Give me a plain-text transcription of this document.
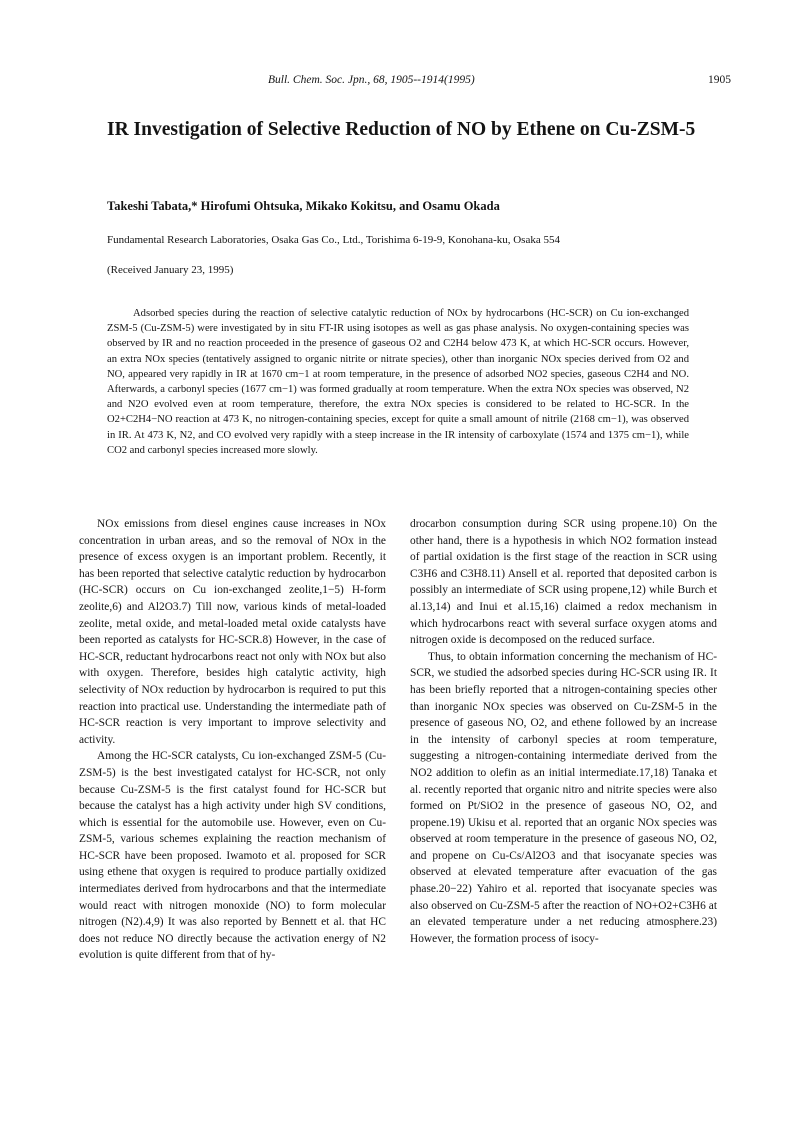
Bull. Chem. Soc. Jpn., 68, 1905--1914(1995)	1905
IR Investigation of Selective Reduction of NO by Ethene on Cu-ZSM-5
Takeshi Tabata,* Hirofumi Ohtsuka, Mikako Kokitsu, and Osamu Okada
Fundamental Research Laboratories, Osaka Gas Co., Ltd., Torishima 6-19-9, Konohana-ku, Osaka 554
(Received January 23, 1995)

Adsorbed species during the reaction of selective catalytic reduction of NOx by hydrocarbons (HC-SCR) on Cu ion-exchanged ZSM-5 (Cu-ZSM-5) were investigated by in situ FT-IR using isotopes as well as gas phase analysis. No oxygen-containing species was observed by IR and no reaction proceeded in the presence of gaseous O2 and C2H4 below 473 K, at which HC-SCR occurs. However, an extra NOx species (tentatively assigned to organic nitrite or nitrate species), other than inorganic NOx species derived from O2 and NO, appeared very rapidly in IR at 1670 cm−1 at room temperature, in the presence of adsorbed NO2 species, gaseous C2H4 and NO. Afterwards, a carbonyl species (1677 cm−1) was formed gradually at room temperature. When the extra NOx species was observed, N2 and N2O evolved even at room temperature, therefore, the extra NOx species is considered to be related to HC-SCR. In the O2+C2H4−NO reaction at 473 K, no nitrogen-containing species, except for quite a small amount of nitrile (2168 cm−1), was observed in IR. At 473 K, N2, and CO evolved very rapidly with a steep increase in the IR intensity of carboxylate (1574 and 1375 cm−1), while CO2 and carbonyl species increased more slowly.

NOx emissions from diesel engines cause increases in NOx concentration in urban areas, and so the removal of NOx in the presence of excess oxygen is an important problem. Recently, it has been reported that selective catalytic reduction by hydrocarbon (HC-SCR) occurs on Cu ion-exchanged zeolite,1−5) H-form zeolite,6) and Al2O3.7) Till now, various kinds of metal-loaded zeolite, metal oxide, and metal-loaded metal oxide catalysts have been reported as catalysts for HC-SCR.8) However, in the case of HC-SCR, reductant hydrocarbons react not only with NOx but also with oxygen. Therefore, besides high catalytic activity, high selectivity of NOx reduction by hydrocarbon is required to put this reaction into practical use. Understanding the intermediate path of HC-SCR reaction is very important to improve selectivity and activity.

Among the HC-SCR catalysts, Cu ion-exchanged ZSM-5 (Cu-ZSM-5) is the best investigated catalyst for HC-SCR, not only because Cu-ZSM-5 is the first catalyst found for HC-SCR but because the catalyst has a high activity under high SV conditions, which is essential for the automobile use. However, even on Cu-ZSM-5, various schemes explaining the reaction mechanism of HC-SCR have been proposed. Iwamoto et al. proposed for SCR using ethene that oxygen is required to produce partially oxidized intermediates derived from hydrocarbons and that the intermediate would react with nitrogen monoxide (NO) to form molecular nitrogen (N2).4,9) It was also reported by Bennett et al. that HC does not reduce NO directly because the activation energy of N2 evolution is quite different from that of hy-

drocarbon consumption during SCR using propene.10) On the other hand, there is a hypothesis in which NO2 formation instead of partial oxidation is the first stage of the reaction in SCR using C3H6 and C3H8.11) Ansell et al. reported that deposited carbon is possibly an intermediate of SCR using propene,12) while Burch et al.13,14) and Inui et al.15,16) claimed a redox mechanism in which hydrocarbons react with several surface oxygen atoms and nitrogen oxide is decomposed on the reduced surface.

Thus, to obtain information concerning the mechanism of HC-SCR, we studied the adsorbed species during HC-SCR using IR. It has been briefly reported that a nitrogen-containing species other than inorganic NOx species was observed on Cu-ZSM-5 in the presence of gaseous NO, O2, and ethene followed by an increase in the intensity of carbonyl species at room temperature, suggesting a nitrogen-containing intermediate derived from the NO2 addition to olefin as an initial intermediate.17,18) Tanaka et al. recently reported that organic nitro and nitrite species were also formed on Pt/SiO2 in the presence of gaseous NO, O2, and propene.19) Ukisu et al. reported that an organic NOx species was observed at room temperature in the presence of gaseous NO, O2, and propene on Cu-Cs/Al2O3 and that isocyanate species was observed at elevated temperature after evacuation of the gas phase.20−22) Yahiro et al. reported that isocyanate species was also observed on Cu-ZSM-5 after the reaction of NO+O2+C3H6 at an elevated temperature under a net reducing atmosphere.23) However, the formation process of isocy-
